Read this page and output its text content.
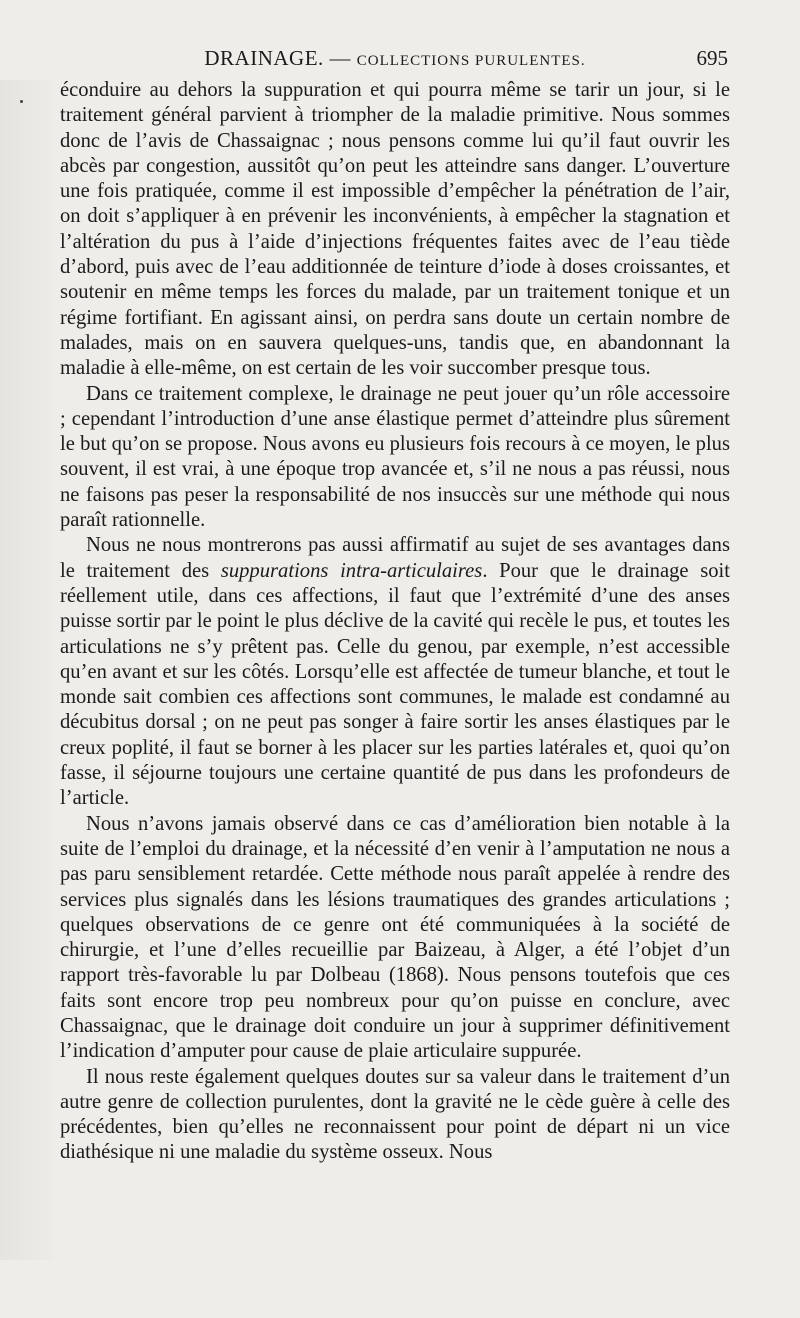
DRAINAGE. — COLLECTIONS PURULENTES.	695

éconduire au dehors la suppuration et qui pourra même se tarir un jour, si le traitement général parvient à triompher de la maladie primitive. Nous sommes donc de l’avis de Chassaignac ; nous pensons comme lui qu’il faut ouvrir les abcès par congestion, aussitôt qu’on peut les atteindre sans danger. L’ouverture une fois pratiquée, comme il est impossible d’empêcher la pénétration de l’air, on doit s’appliquer à en prévenir les inconvénients, à empêcher la stagnation et l’altération du pus à l’aide d’injections fréquentes faites avec de l’eau tiède d’abord, puis avec de l’eau additionnée de teinture d’iode à doses croissantes, et soutenir en même temps les forces du malade, par un traitement tonique et un régime fortifiant. En agissant ainsi, on perdra sans doute un certain nombre de malades, mais on en sauvera quelques-uns, tandis que, en abandonnant la maladie à elle-même, on est certain de les voir succomber presque tous.

Dans ce traitement complexe, le drainage ne peut jouer qu’un rôle accessoire ; cependant l’introduction d’une anse élastique permet d’atteindre plus sûrement le but qu’on se propose. Nous avons eu plusieurs fois recours à ce moyen, le plus souvent, il est vrai, à une époque trop avancée et, s’il ne nous a pas réussi, nous ne faisons pas peser la responsabilité de nos insuccès sur une méthode qui nous paraît rationnelle.

Nous ne nous montrerons pas aussi affirmatif au sujet de ses avantages dans le traitement des suppurations intra-articulaires. Pour que le drainage soit réellement utile, dans ces affections, il faut que l’extrémité d’une des anses puisse sortir par le point le plus déclive de la cavité qui recèle le pus, et toutes les articulations ne s’y prêtent pas. Celle du genou, par exemple, n’est accessible qu’en avant et sur les côtés. Lorsqu’elle est affectée de tumeur blanche, et tout le monde sait combien ces affections sont communes, le malade est condamné au décubitus dorsal ; on ne peut pas songer à faire sortir les anses élastiques par le creux poplité, il faut se borner à les placer sur les parties latérales et, quoi qu’on fasse, il séjourne toujours une certaine quantité de pus dans les profondeurs de l’article.

Nous n’avons jamais observé dans ce cas d’amélioration bien notable à la suite de l’emploi du drainage, et la nécessité d’en venir à l’amputation ne nous a pas paru sensiblement retardée. Cette méthode nous paraît appelée à rendre des services plus signalés dans les lésions traumatiques des grandes articulations ; quelques observations de ce genre ont été communiquées à la société de chirurgie, et l’une d’elles recueillie par Baizeau, à Alger, a été l’objet d’un rapport très-favorable lu par Dolbeau (1868). Nous pensons toutefois que ces faits sont encore trop peu nombreux pour qu’on puisse en conclure, avec Chassaignac, que le drainage doit conduire un jour à supprimer définitivement l’indication d’amputer pour cause de plaie articulaire suppurée.

Il nous reste également quelques doutes sur sa valeur dans le traitement d’un autre genre de collection purulentes, dont la gravité ne le cède guère à celle des précédentes, bien qu’elles ne reconnaissent pour point de départ ni un vice diathésique ni une maladie du système osseux. Nous
